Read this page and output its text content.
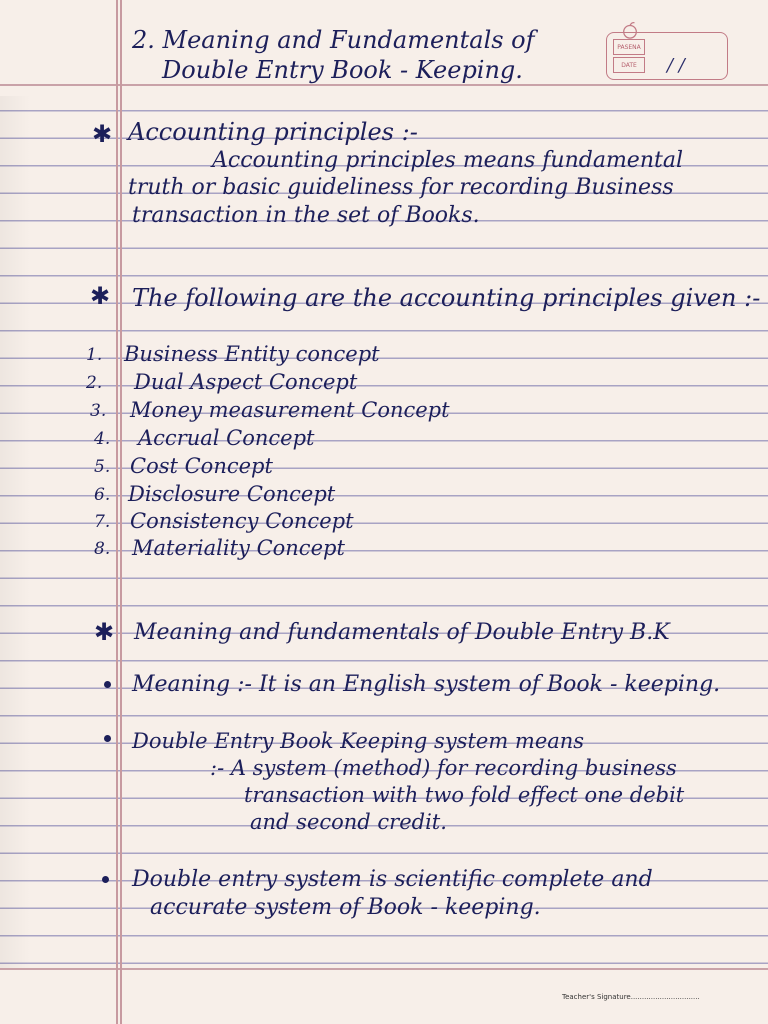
2. Meaning and Fundamentals of
Double Entry Book - Keeping.
PASENA
DATE	/ /
✱ Accounting principles :-
Accounting principles means fundamental
truth or basic guideliness for recording Business
transaction in the set of Books.
✱ The following are the accounting principles given :-
1. Business Entity concept
2. Dual Aspect Concept
3. Money measurement Concept
4. Accrual Concept
5. Cost Concept
6. Disclosure Concept
7. Consistency Concept
8. Materiality Concept
✱ Meaning and fundamentals of Double Entry B.K
Meaning :- It is an English system of Book - keeping.
Double Entry Book Keeping system means
:- A system (method) for recording business
transaction with two fold effect one debit
and second credit.
Double entry system is scientific complete and
accurate system of Book - keeping.
Teacher's Signature...............................
